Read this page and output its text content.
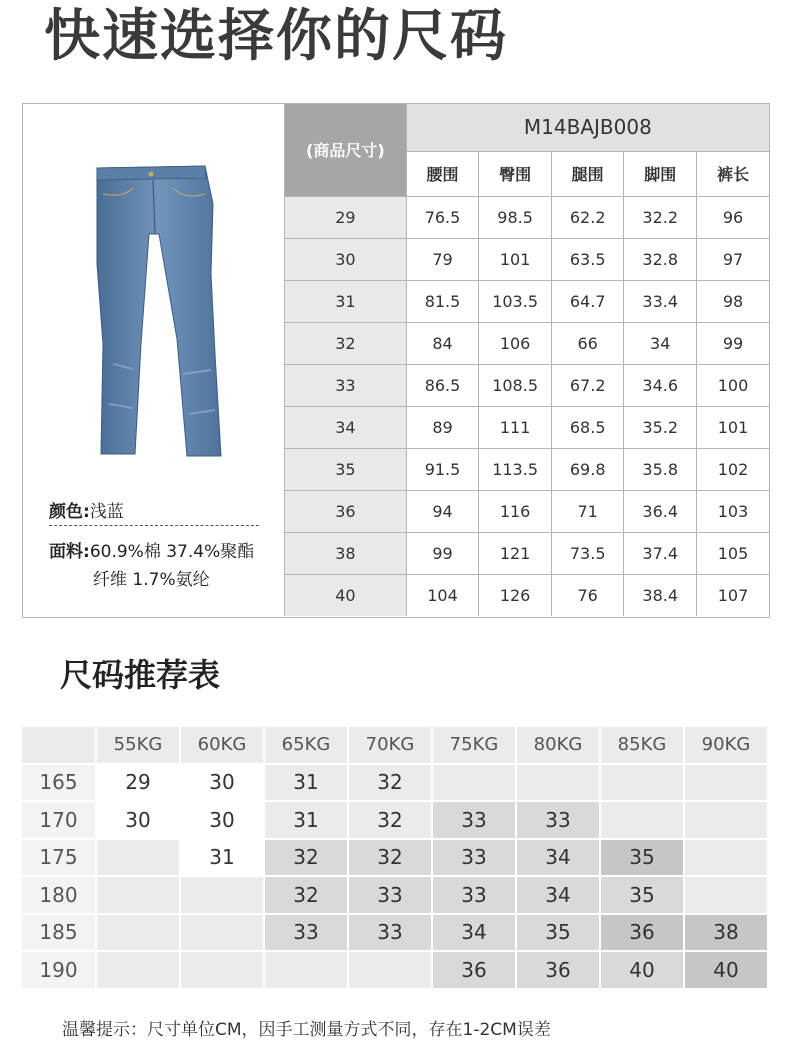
快速选择你的尺码
颜色:浅蓝
面料:60.9%棉 37.4%聚酯
纤维 1.7%氨纶
(商品尺寸)	M14BAJB008				
	腰围	臀围	腿围	脚围	裤长
29	76.5	98.5	62.2	32.2	96
30	79	101	63.5	32.8	97
31	81.5	103.5	64.7	33.4	98
32	84	106	66	34	99
33	86.5	108.5	67.2	34.6	100
34	89	111	68.5	35.2	101
35	91.5	113.5	69.8	35.8	102
36	94	116	71	36.4	103
38	99	121	73.5	37.4	105
40	104	126	76	38.4	107
尺码推荐表
	55KG	60KG	65KG	70KG	75KG	80KG	85KG	90KG
165	29	30	31	32				
170	30	30	31	32	33	33		
175		31	32	32	33	34	35	
180			32	33	33	34	35	
185			33	33	34	35	36	38
190					36	36	40	40
温馨提示：尺寸单位CM，因手工测量方式不同，存在1-2CM误差
